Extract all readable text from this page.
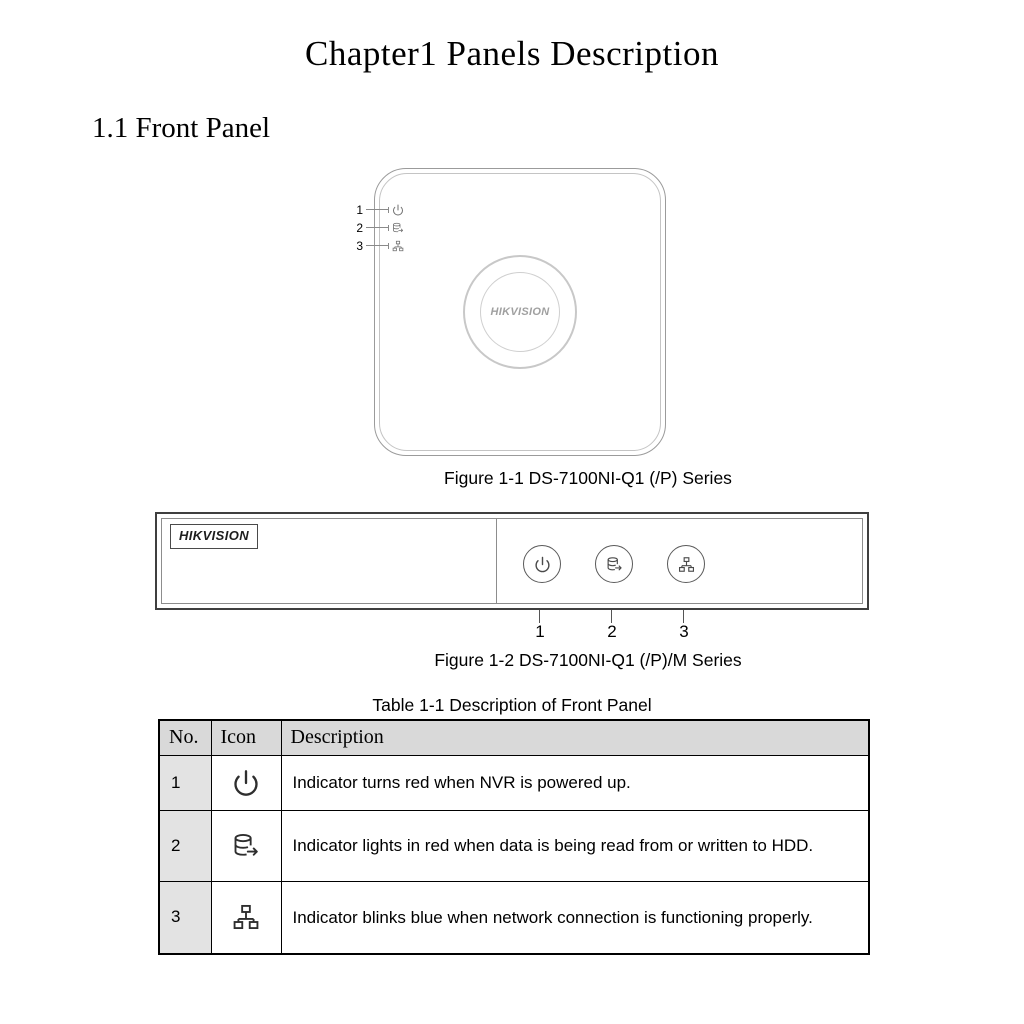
Chapter1 Panels Description
1.1 Front Panel
HIKVISION
1
2
3
Figure 1-1 DS-7100NI-Q1 (/P) Series
HIKVISION
1	2	3
Figure 1-2 DS-7100NI-Q1 (/P)/M Series
Table 1-1 Description of Front Panel
No.	Icon	Description
1		Indicator turns red when NVR is powered up.
2		Indicator lights in red when data is being read from or written to HDD.
3		Indicator blinks blue when network connection is functioning properly.
